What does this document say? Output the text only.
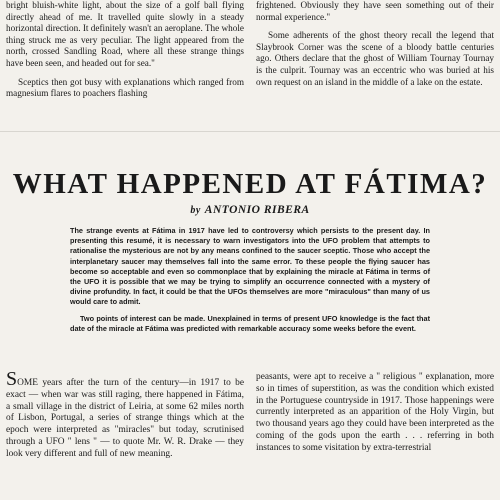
bright bluish-white light, about the size of a golf ball flying directly ahead of me. It travelled quite slowly in a steady horizontal direction. It definitely wasn't an aeroplane. The whole thing struck me as very peculiar. The light appeared from the north, crossed Sandling Road, where all these strange things have been seen, and headed out for sea."

Sceptics then got busy with explanations which ranged from magnesium flares to poachers flashing

frightened. Obviously they have seen something out of their normal experience."

Some adherents of the ghost theory recall the legend that Slaybrook Corner was the scene of a bloody battle centuries ago. Others declare that the ghost of William Tournay Tournay is the culprit. Tournay was an eccentric who was buried at his own request on an island in the middle of a lake on the estate.

WHAT HAPPENED AT FÁTIMA?
by ANTONIO RIBERA

The strange events at Fátima in 1917 have led to controversy which persists to the present day. In presenting this resumé, it is necessary to warn investigators into the UFO problem that attempts to rationalise the mysterious are not by any means confined to the saucer sceptic. Those who accept the interplanetary saucer may themselves fall into the same error. To these people the flying saucer has become so acceptable and even so commonplace that by explaining the miracle at Fátima in terms of the UFO it is possible that we may be trying to simplify an occurrence connected with a mystery of divine profundity. In fact, it could be that the UFOs themselves are more "miraculous" than many of us would care to admit.

Two points of interest can be made. Unexplained in terms of present UFO knowledge is the fact that date of the miracle at Fátima was predicted with remarkable accuracy some weeks before the event.

SOME years after the turn of the century—in 1917 to be exact — when war was still raging, there happened in Fátima, a small village in the district of Leiria, at some 62 miles north of Lisbon, Portugal, a series of strange things which at the epoch were interpreted as "miracles" but today, scrutinised through a UFO " lens " — to quote Mr. W. R. Drake — they look very different and full of new meaning.

peasants, were apt to receive a " religious " explanation, more so in times of superstition, as was the condition which existed in the Portuguese countryside in 1917. Those happenings were currently interpreted as an apparition of the Holy Virgin, but two thousand years ago they could have been interpreted as the coming of the gods upon the earth . . . referring in both instances to some visitation by extra-terrestrial
